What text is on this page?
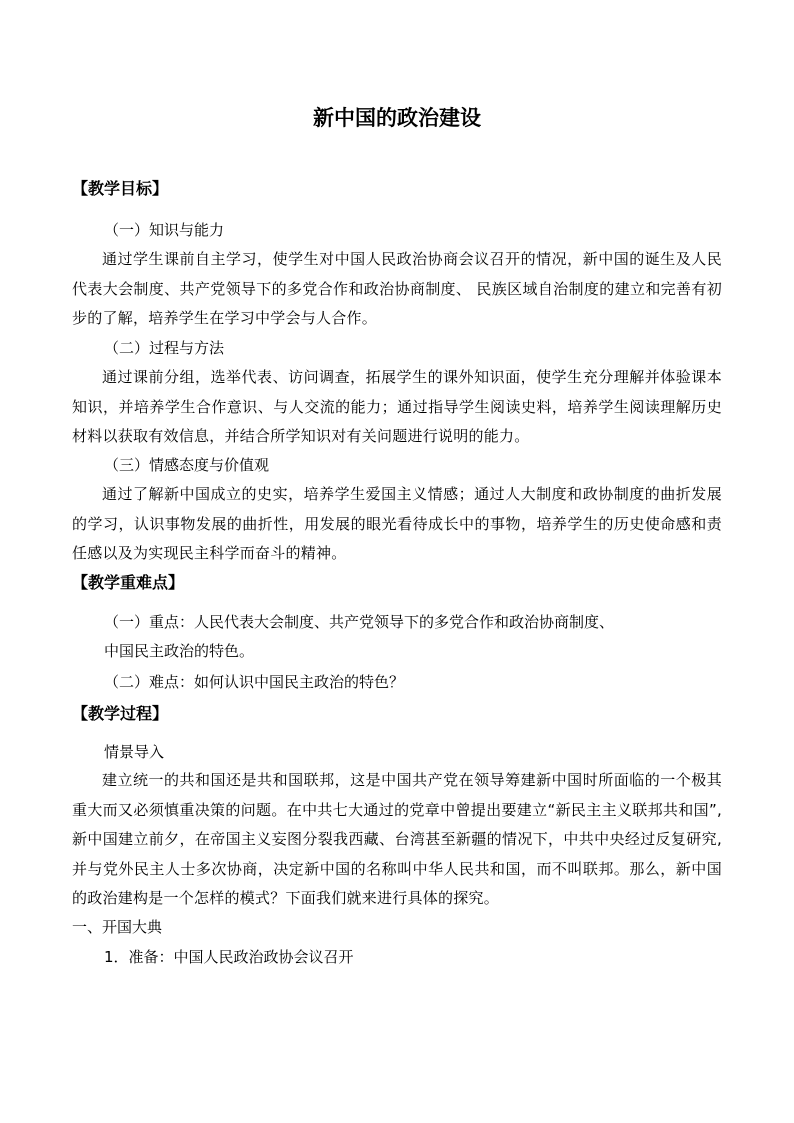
新中国的政治建设
【教学目标】
（一）知识与能力

通过学生课前自主学习，使学生对中国人民政治协商会议召开的情况，新中国的诞生及人民代表大会制度、共产党领导下的多党合作和政治协商制度、 民族区域自治制度的建立和完善有初步的了解，培养学生在学习中学会与人合作。

（二）过程与方法

通过课前分组，选举代表、访问调查，拓展学生的课外知识面，使学生充分理解并体验课本知识，并培养学生合作意识、与人交流的能力；通过指导学生阅读史料，培养学生阅读理解历史材料以获取有效信息，并结合所学知识对有关问题进行说明的能力。

（三）情感态度与价值观

通过了解新中国成立的史实，培养学生爱国主义情感；通过人大制度和政协制度的曲折发展的学习，认识事物发展的曲折性，用发展的眼光看待成长中的事物，培养学生的历史使命感和责任感以及为实现民主科学而奋斗的精神。

【教学重难点】
（一）重点：人民代表大会制度、共产党领导下的多党合作和政治协商制度、
中国民主政治的特色。
（二）难点：如何认识中国民主政治的特色？
【教学过程】
情景导入

建立统一的共和国还是共和国联邦，这是中国共产党在领导筹建新中国时所面临的一个极其重大而又必须慎重决策的问题。在中共七大通过的党章中曾提出要建立“新民主主义联邦共和国”,新中国建立前夕，在帝国主义妄图分裂我西藏、台湾甚至新疆的情况下，中共中央经过反复研究,并与党外民主人士多次协商，决定新中国的名称叫中华人民共和国，而不叫联邦。那么，新中国的政治建构是一个怎样的模式？下面我们就来进行具体的探究。

一、开国大典
1．准备：中国人民政治政协会议召开
